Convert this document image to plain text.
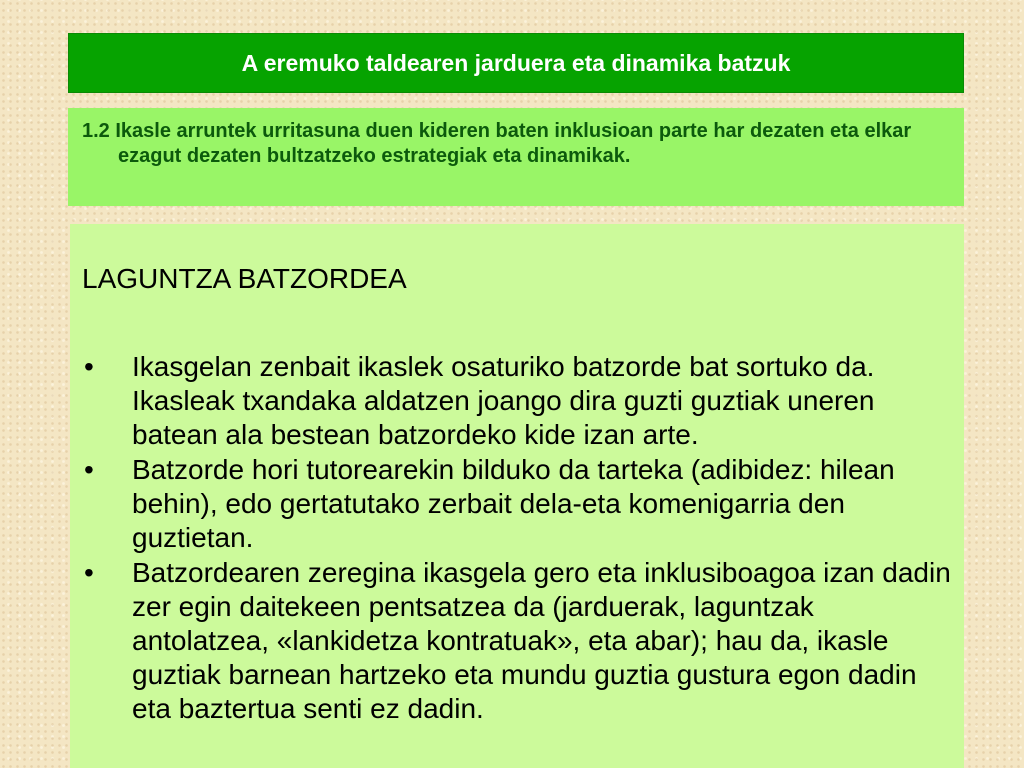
A eremuko taldearen jarduera eta dinamika batzuk

1.2 Ikasle arruntek urritasuna duen kideren baten inklusioan parte har dezaten eta elkar ezagut dezaten bultzatzeko estrategiak eta dinamikak.

LAGUNTZA BATZORDEA
• Ikasgelan zenbait ikaslek osaturiko batzorde bat sortuko da. Ikasleak txandaka aldatzen joango dira guzti guztiak uneren batean ala bestean batzordeko kide izan arte.
• Batzorde hori tutorearekin bilduko da tarteka (adibidez: hilean behin), edo gertatutako zerbait dela-eta komenigarria den guztietan.
• Batzordearen zeregina ikasgela gero eta inklusiboagoa izan dadin zer egin daitekeen pentsatzea da (jarduerak, laguntzak antolatzea, «lankidetza kontratuak», eta abar); hau da, ikasle guztiak barnean hartzeko eta mundu guztia gustura egon dadin eta baztertua senti ez dadin.
